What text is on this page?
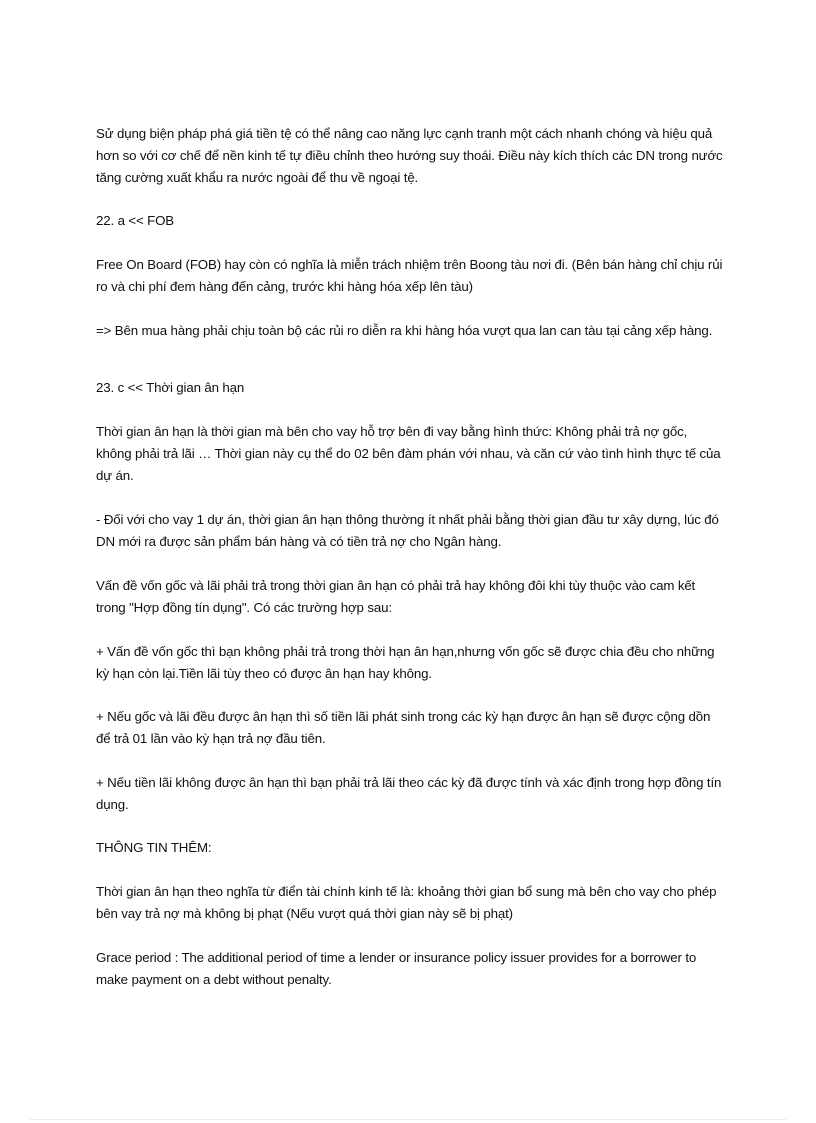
Sử dụng biện pháp phá giá tiền tệ có thể nâng cao năng lực cạnh tranh một cách nhanh chóng và hiệu quả hơn so với cơ chế để nền kinh tế tự điều chỉnh theo hướng suy thoái. Điều này kích thích các DN trong nước tăng cường xuất khẩu ra nước ngoài để thu về ngoại tệ.

22. a << FOB

Free On Board (FOB) hay còn có nghĩa là miễn trách nhiệm trên Boong tàu nơi đi. (Bên bán hàng chỉ chịu rủi ro và chi phí đem hàng đến cảng, trước khi hàng hóa xếp lên tàu)

=> Bên mua hàng phải chịu toàn bộ các rủi ro diễn ra khi hàng hóa vượt qua lan can tàu tại cảng xếp hàng.

23. c << Thời gian ân hạn

Thời gian ân hạn là thời gian mà bên cho vay hỗ trợ bên đi vay bằng hình thức: Không phải trả nợ gốc, không phải trả lãi … Thời gian này cụ thể do 02 bên đàm phán với nhau, và căn cứ vào tình hình thực tế của dự án.

- Đối với cho vay 1 dự án, thời gian ân hạn thông thường ít nhất phải bằng thời gian đầu tư xây dựng, lúc đó DN mới ra được sản phẩm bán hàng và có tiền trả nợ cho Ngân hàng.

Vấn đề vốn gốc và lãi phải trả trong thời gian ân hạn có phải trả hay không đôi khi tùy thuộc vào cam kết trong "Hợp đồng tín dụng". Có các trường hợp sau:

+ Vấn đề vốn gốc thì bạn không phải trả trong thời hạn ân hạn,nhưng vốn gốc sẽ được chia đều cho những kỳ hạn còn lại.Tiền lãi tùy theo có được ân hạn hay không.

+ Nếu gốc và lãi đều được ân hạn thì số tiền lãi phát sinh trong các kỳ hạn được ân hạn sẽ được cộng dồn để trả 01 lần vào kỳ hạn trả nợ đầu tiên.

+ Nếu tiền lãi không được ân hạn thì bạn phải trả lãi theo các kỳ đã được tính và xác định trong hợp đồng tín dụng.

THÔNG TIN THÊM:

Thời gian ân hạn theo nghĩa từ điển tài chính kinh tế là: khoảng thời gian bổ sung mà bên cho vay cho phép bên vay trả nợ mà không bị phạt (Nếu vượt quá thời gian này sẽ bị phạt)

Grace period : The additional period of time a lender or insurance policy issuer provides for a borrower to make payment on a debt without penalty.
